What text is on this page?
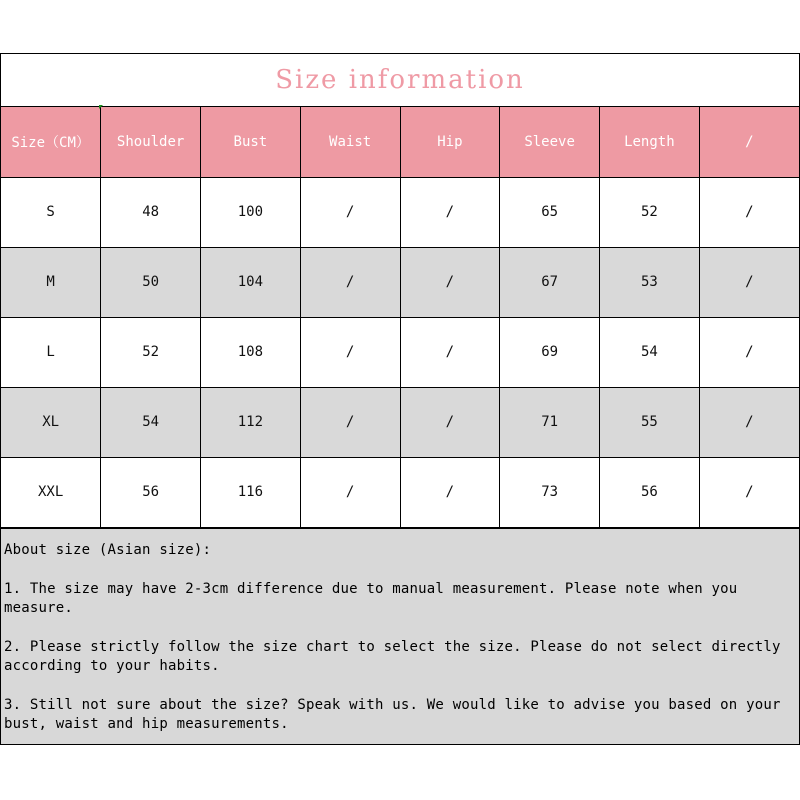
Size information
Size（CM）	Shoulder	Bust	Waist	Hip	Sleeve	Length	/
S	48	100	/	/	65	52	/
M	50	104	/	/	67	53	/
L	52	108	/	/	69	54	/
XL	54	112	/	/	71	55	/
XXL	56	116	/	/	73	56	/

About size (Asian size):

1. The size may have 2-3cm difference due to manual measurement. Please note when you measure.

2. Please strictly follow the size chart to select the size. Please do not select directly according to your habits.

3. Still not sure about the size? Speak with us. We would like to advise you based on your bust, waist and hip measurements.
